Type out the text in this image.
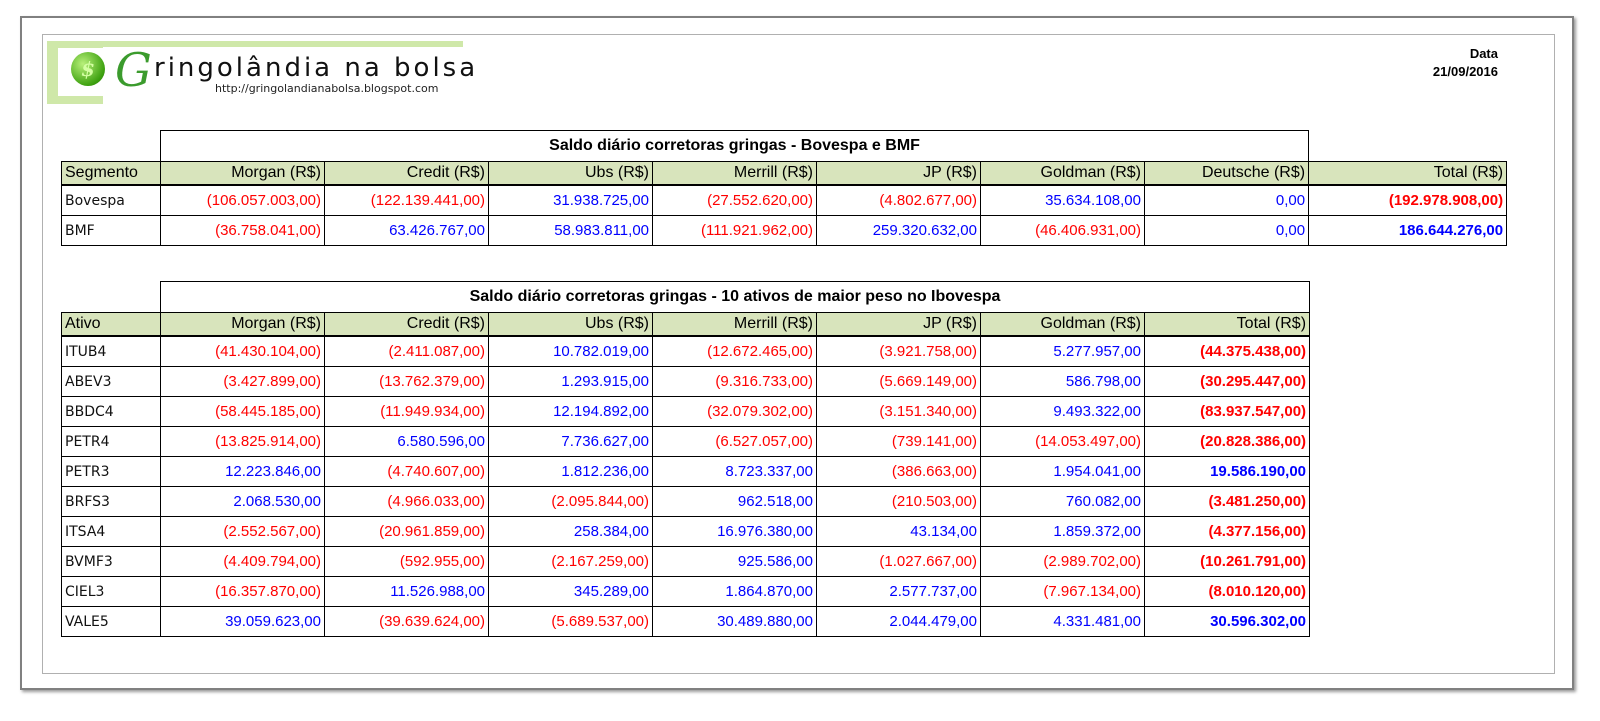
$ G ringolândia na bolsa
http://gringolandianabolsa.blogspot.com
Data
21/09/2016
	Saldo diário corretoras gringas - Bovespa e BMF							
Segmento	Morgan (R$)	Credit (R$)	Ubs (R$)	Merrill (R$)	JP (R$)	Goldman (R$)	Deutsche (R$)	Total (R$)
Bovespa	(106.057.003,00)	(122.139.441,00)	31.938.725,00	(27.552.620,00)	(4.802.677,00)	35.634.108,00	0,00	(192.978.908,00)
BMF	(36.758.041,00)	63.426.767,00	58.983.811,00	(111.921.962,00)	259.320.632,00	(46.406.931,00)	0,00	186.644.276,00
	Saldo diário corretoras gringas - 10 ativos de maior peso no Ibovespa						
Ativo	Morgan (R$)	Credit (R$)	Ubs (R$)	Merrill (R$)	JP (R$)	Goldman (R$)	Total (R$)
ITUB4	(41.430.104,00)	(2.411.087,00)	10.782.019,00	(12.672.465,00)	(3.921.758,00)	5.277.957,00	(44.375.438,00)
ABEV3	(3.427.899,00)	(13.762.379,00)	1.293.915,00	(9.316.733,00)	(5.669.149,00)	586.798,00	(30.295.447,00)
BBDC4	(58.445.185,00)	(11.949.934,00)	12.194.892,00	(32.079.302,00)	(3.151.340,00)	9.493.322,00	(83.937.547,00)
PETR4	(13.825.914,00)	6.580.596,00	7.736.627,00	(6.527.057,00)	(739.141,00)	(14.053.497,00)	(20.828.386,00)
PETR3	12.223.846,00	(4.740.607,00)	1.812.236,00	8.723.337,00	(386.663,00)	1.954.041,00	19.586.190,00
BRFS3	2.068.530,00	(4.966.033,00)	(2.095.844,00)	962.518,00	(210.503,00)	760.082,00	(3.481.250,00)
ITSA4	(2.552.567,00)	(20.961.859,00)	258.384,00	16.976.380,00	43.134,00	1.859.372,00	(4.377.156,00)
BVMF3	(4.409.794,00)	(592.955,00)	(2.167.259,00)	925.586,00	(1.027.667,00)	(2.989.702,00)	(10.261.791,00)
CIEL3	(16.357.870,00)	11.526.988,00	345.289,00	1.864.870,00	2.577.737,00	(7.967.134,00)	(8.010.120,00)
VALE5	39.059.623,00	(39.639.624,00)	(5.689.537,00)	30.489.880,00	2.044.479,00	4.331.481,00	30.596.302,00
